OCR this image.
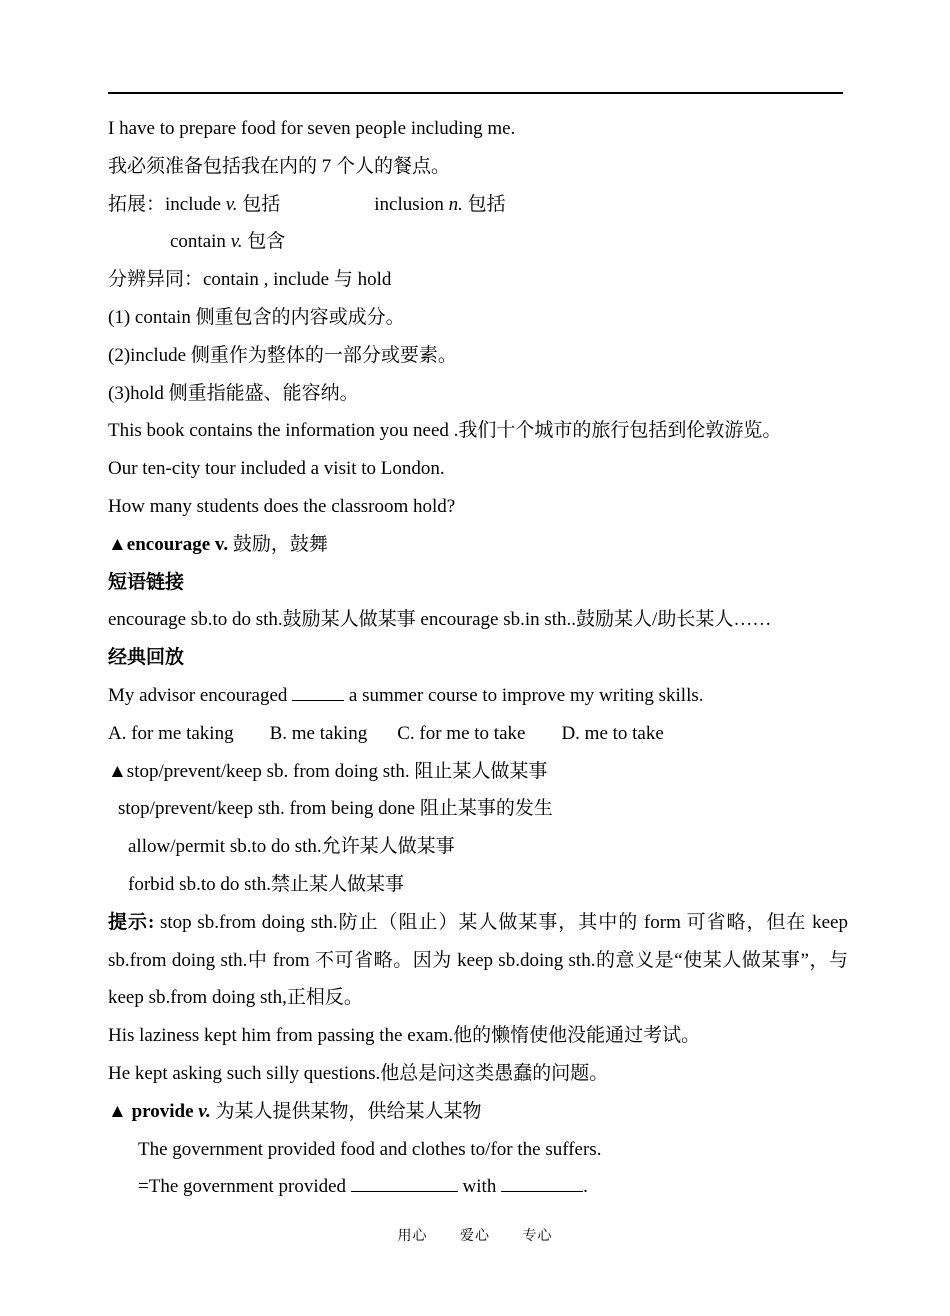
I have to prepare food for seven people including me.
我必须准备包括我在内的 7 个人的餐点。
拓展：include v. 包括	inclusion n. 包括
contain v. 包含
分辨异同：contain , include 与 hold
(1) contain 侧重包含的内容或成分。
(2)include 侧重作为整体的一部分或要素。
(3)hold 侧重指能盛、能容纳。
This book contains the information you need .我们十个城市的旅行包括到伦敦游览。
Our ten-city tour included a visit to London.
How many students does the classroom hold?
▲encourage v. 鼓励，鼓舞
短语链接
encourage sb.to do sth.鼓励某人做某事 encourage sb.in sth..鼓励某人/助长某人……
经典回放
My advisor encouraged	a summer course to improve my writing skills.
A. for me taking B. me taking C. for me to take D. me to take
▲stop/prevent/keep sb. from doing sth. 阻止某人做某事
stop/prevent/keep sth. from being done 阻止某事的发生
allow/permit sb.to do sth.允许某人做某事
forbid sb.to do sth.禁止某人做某事
提示: stop sb.from doing sth.防止（阻止）某人做某事，其中的 form 可省略，但在 keep sb.from doing sth.中 from 不可省略。因为 keep sb.doing sth.的意义是“使某人做某事”，与 keep sb.from doing sth,正相反。
His laziness kept him from passing the exam.他的懒惰使他没能通过考试。
He kept asking such silly questions.他总是问这类愚蠢的问题。
▲ provide v. 为某人提供某物，供给某人某物
The government provided food and clothes to/for the suffers.
=The government provided	with	.
用心 爱心 专心
